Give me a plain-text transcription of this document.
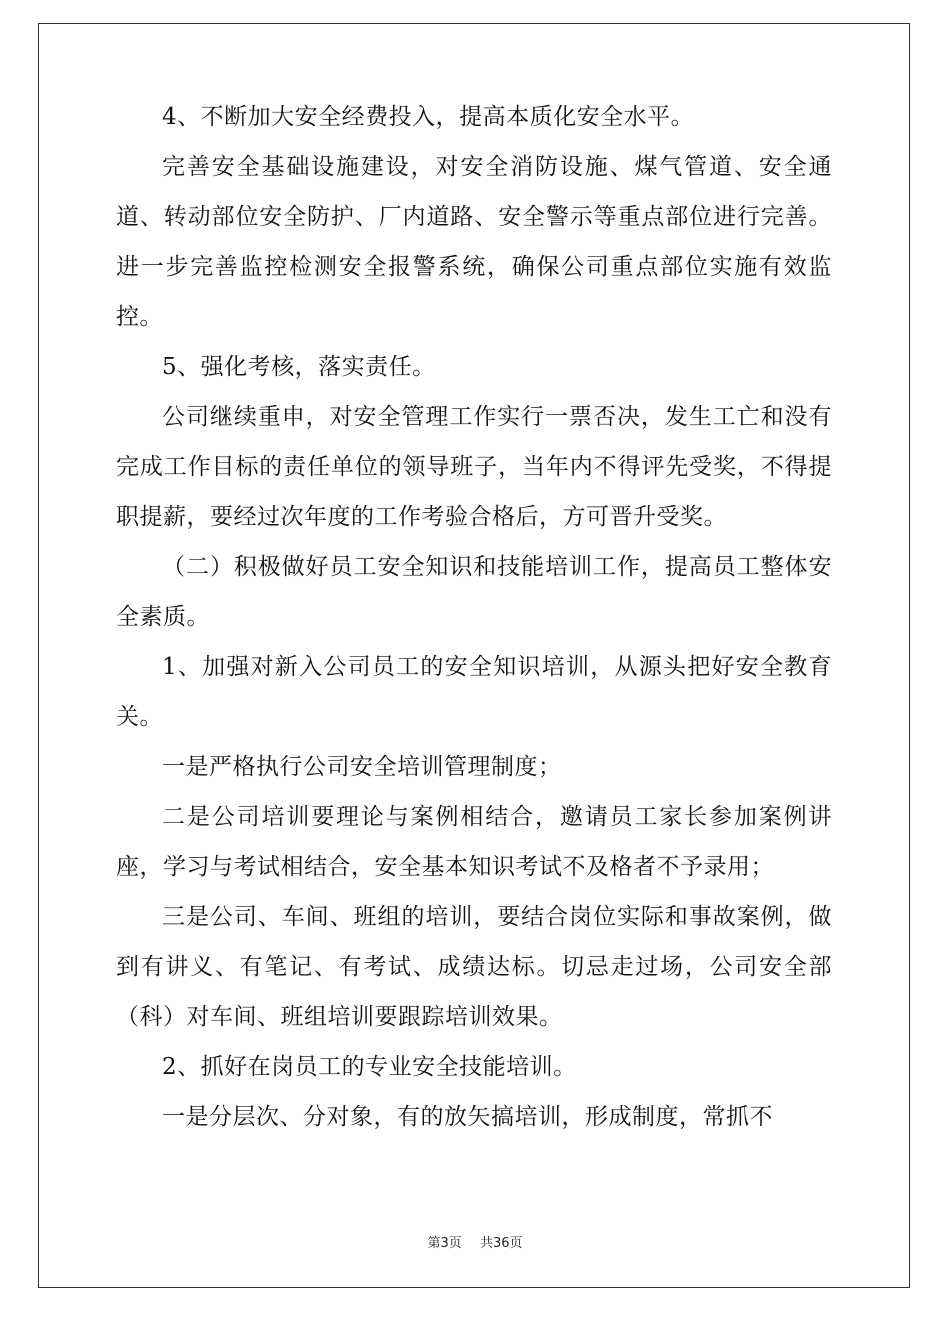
4、不断加大安全经费投入，提高本质化安全水平。

完善安全基础设施建设，对安全消防设施、煤气管道、安全通道、转动部位安全防护、厂内道路、安全警示等重点部位进行完善。进一步完善监控检测安全报警系统，确保公司重点部位实施有效监控。

5、强化考核，落实责任。

公司继续重申，对安全管理工作实行一票否决，发生工亡和没有完成工作目标的责任单位的领导班子，当年内不得评先受奖，不得提职提薪，要经过次年度的工作考验合格后，方可晋升受奖。

（二）积极做好员工安全知识和技能培训工作，提高员工整体安全素质。

1、加强对新入公司员工的安全知识培训，从源头把好安全教育关。

一是严格执行公司安全培训管理制度；

二是公司培训要理论与案例相结合，邀请员工家长参加案例讲座，学习与考试相结合，安全基本知识考试不及格者不予录用；

三是公司、车间、班组的培训，要结合岗位实际和事故案例，做到有讲义、有笔记、有考试、成绩达标。切忌走过场，公司安全部（科）对车间、班组培训要跟踪培训效果。

2、抓好在岗员工的专业安全技能培训。

一是分层次、分对象，有的放矢搞培训，形成制度，常抓不

第3页 共36页
